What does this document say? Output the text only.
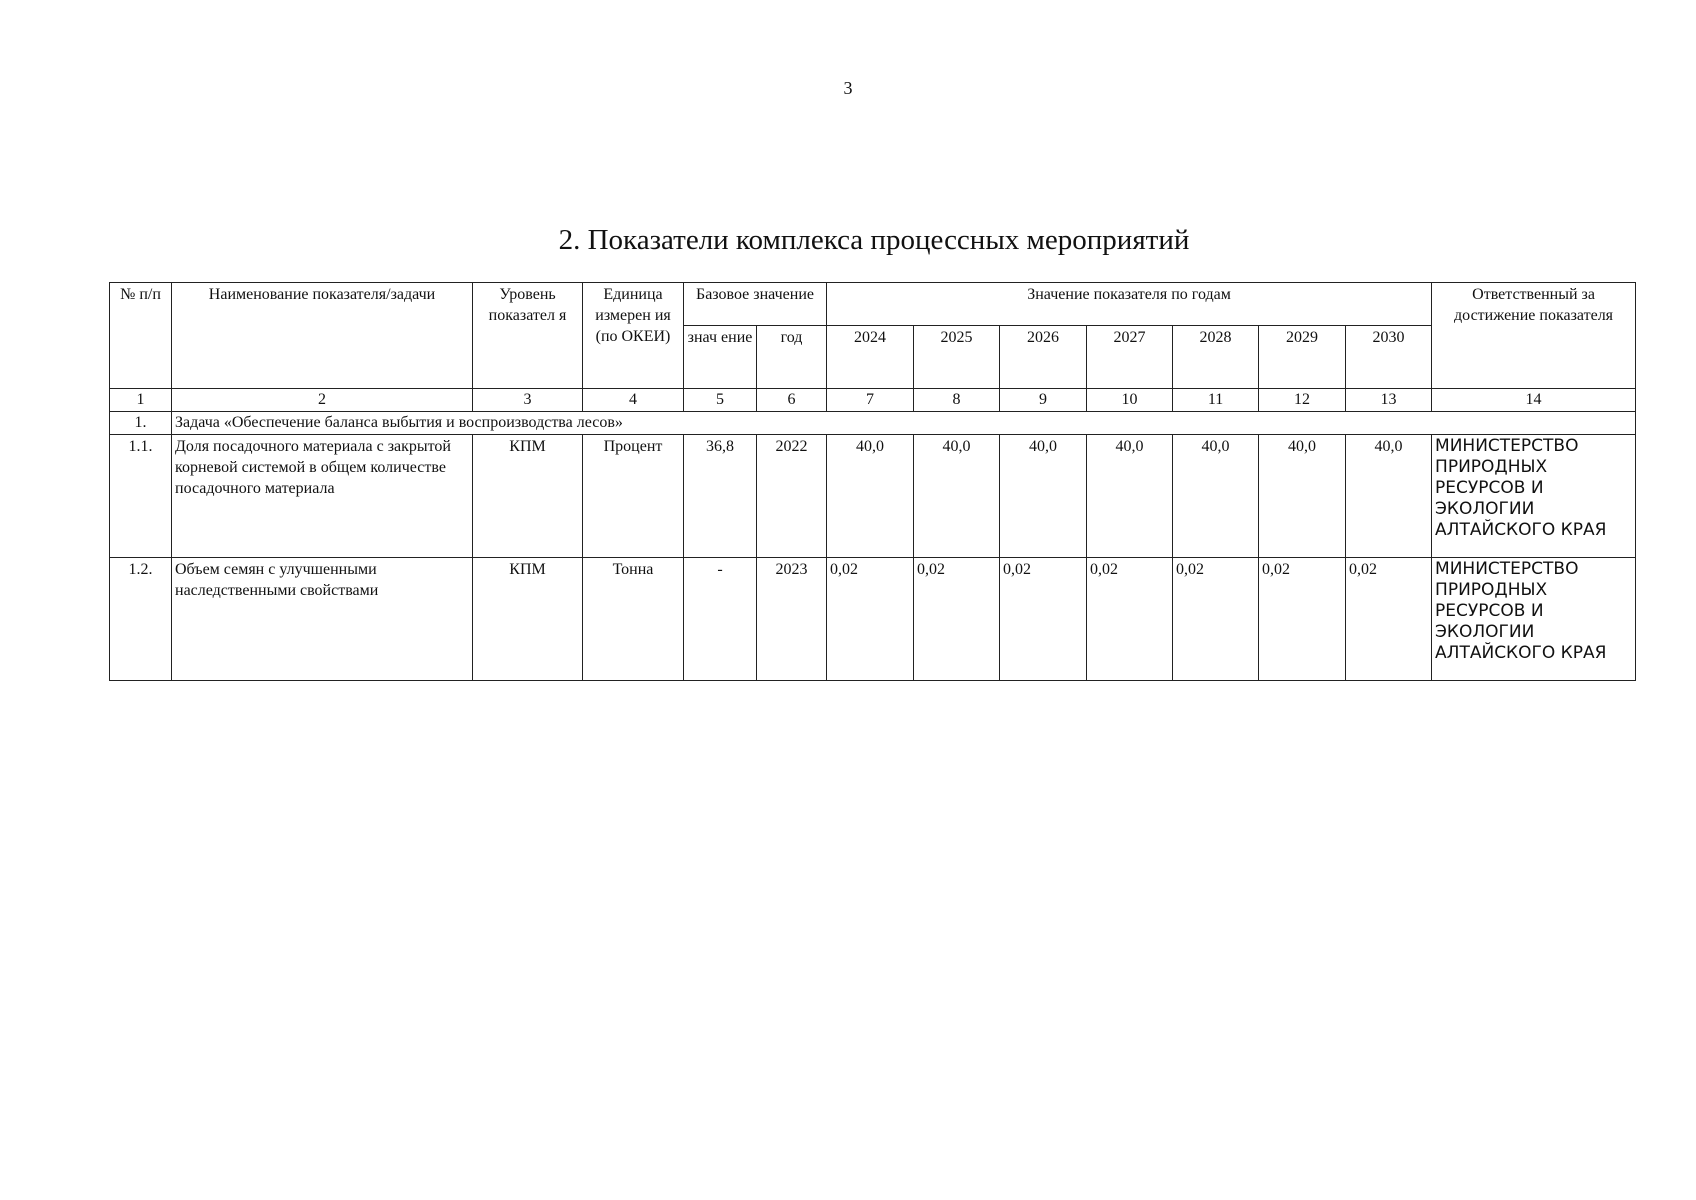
3
2. Показатели комплекса процессных мероприятий
№ п/п	Наименование показателя/задачи	Уровень показател я	Единица измерен ия (по ОКЕИ)	Базовое значение		Значение показателя по годам							Ответственный за достижение показателя
				знач ение	год	2024	2025	2026	2027	2028	2029	2030	
1	2	3	4	5	6	7	8	9	10	11	12	13	14
1.	Задача «Обеспечение баланса выбытия и воспроизводства лесов»												
1.1.	Доля посадочного материала с закрытой корневой системой в общем количестве посадочного материала	КПМ	Процент	36,8	2022	40,0	40,0	40,0	40,0	40,0	40,0	40,0	МИНИСТЕРСТВО ПРИРОДНЫХ РЕСУРСОВ И ЭКОЛОГИИ АЛТАЙСКОГО КРАЯ
1.2.	Объем семян с улучшенными наследственными свойствами	КПМ	Тонна	-	2023	0,02	0,02	0,02	0,02	0,02	0,02	0,02	МИНИСТЕРСТВО ПРИРОДНЫХ РЕСУРСОВ И ЭКОЛОГИИ АЛТАЙСКОГО КРАЯ
